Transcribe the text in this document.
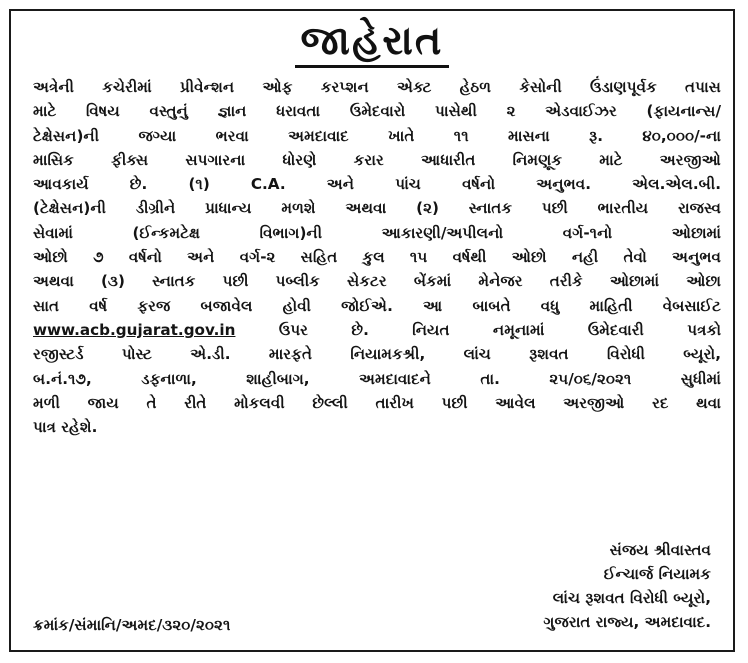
જાહેરાત
અત્રેની કચેરીમાં પ્રીવેન્શન ઓફ કરપ્શન એક્ટ હેઠળ કેસોની ઉંડાણપૂર્વક તપાસ
માટે વિષય વસ્તુનું જ્ઞાન ધરાવતા ઉમેદવારો પાસેથી ૨ એડવાઈઝર (ફાયનાન્સ/
ટેક્ષેસન)ની જગ્યા ભરવા અમદાવાદ ખાતે ૧૧ માસના રૂ. ૪૦,૦૦૦/-ના
માસિક ફીક્સ સપગારના ધોરણે કરાર આધારીત નિમણૂક માટે અરજીઓ
આવકાર્ય છે. (૧) C.A. અને પાંચ વર્ષનો અનુભવ. એલ.એલ.બી.
(ટેક્ષેસન)ની ડીગ્રીને પ્રાધાન્ય મળશે અથવા (૨) સ્નાતક પછી ભારતીય રાજસ્વ
સેવામાં (ઈન્કમટેક્ષ વિભાગ)ની આકારણી/અપીલનો વર્ગ-૧નો ઓછામાં
ઓછો ૭ વર્ષનો અને વર્ગ-૨ સહિત કુલ ૧૫ વર્ષથી ઓછો નહી તેવો અનુભવ
અથવા (૩) સ્નાતક પછી પબ્લીક સેકટર બેંકમાં મેનેજર તરીકે ઓછામાં ઓછા
સાત વર્ષ ફરજ બજાવેલ હોવી જોઈએ. આ બાબતે વધુ માહિતી વેબસાઈટ
www.acb.gujarat.gov.in	ઉપર છે. નિયત નમૂનામાં ઉમેદવારી પત્રકો
રજીસ્ટર્ડ પોસ્ટ એ.ડી. મારફતે નિયામકશ્રી, લાંચ રૂશવત વિરોધી બ્યૂરો,
બ.નં.૧૭, ડફનાળા, શાહીબાગ, અમદાવાદને તા. ૨૫/૦૬/૨૦૨૧ સુધીમાં
મળી જાય તે રીતે મોકલવી છેલ્લી તારીખ પછી આવેલ અરજીઓ રદ થવા
પાત્ર રહેશે.
સંજય શ્રીવાસ્તવ
ઈન્ચાર્જ નિયામક
લાંચ રૂશવત વિરોધી બ્યૂરો,
ગુજરાત રાજ્ય, અમદાવાદ.
ક્રમાંક/સંમાનિ/અમદ/૩૨૦/૨૦૨૧
